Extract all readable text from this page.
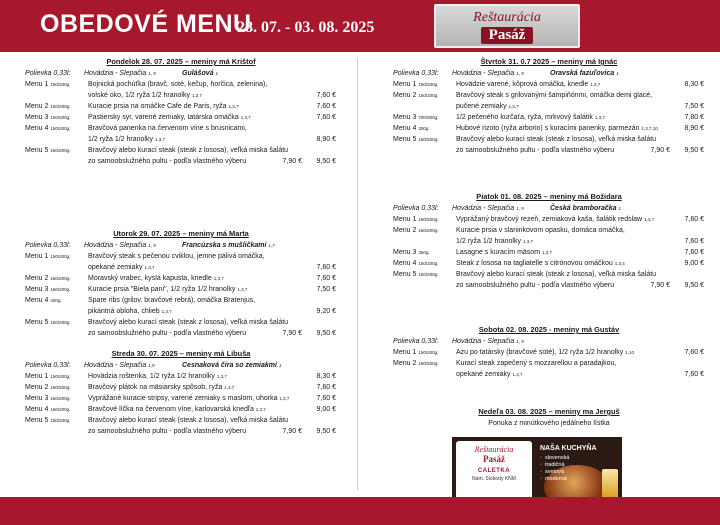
OBEDOVÉ MENU
28. 07. - 03. 08. 2025
Reštaurácia
Pasáž
Pondelok 28. 07. 2025 – meniny má Krištof
Polievka 0,33l: Hovädzia - Slepačia 1, 9	Gulášová 1
Menu 1 150/200g:	Bojnická pochúťka (bravč. soté, kečup, horčica, zelenina),
volské oko, 1/2 ryža 1/2 hranolky 1,3,7	7,60 €
Menu 2 150/200g:	Kuracie prsia na omáčke Cafe de Paris, ryža 1,3,7	7,60 €
Menu 3 150/200g:	Pastiersky syr, varené zemiaky, tatárska omáčka 1,3,7	7,60 €
Menu 4 150/200g:	Bravčová panenka na červenom víne s brusnicami,
1/2 ryža 1/2 hranolky 1,3,7	8,90 €
Menu 5 150/200g:	Bravčový alebo kurací steak (steak z lososa), veľká miska šalátu
zo samoobslužného pultu - podľa vlastného výberu	7,90 € 9,50 €
Utorok 29. 07. 2025 – meniny má Marta
Polievka 0,33l: Hovädzia - Slepačia 1, 9	Francúzska s mušličkami 1,7
Menu 1 150/200g:	Bravčový steak s pečenou cviklou, jemne pálivá omáčka,
opekané zemiaky 1,3,7	7,60 €
Menu 2 150/200g:	Moravský vrabec, kyslá kapusta, knedle 1,3,7	7,60 €
Menu 3 150/200g:	Kuracie prsia "Biela pani", 1/2 ryža 1/2 hranolky 1,3,7	7,50 €
Menu 4 400g:	Spare ribs (grilov. bravčové rebrá), omáčka Bratenjus,
pikantná obloha, chlieb 1,3,7	9,20 €
Menu 5 150/200g:	Bravčový alebo kurací steak (steak z lososa), veľká miska šalátu
zo samoobslužného pultu - podľa vlastného výberu	7,90 € 9,50 €
Streda 30. 07. 2025 – meniny má Libuša
Polievka 0,33l: Hovädzia - Slepačia 1,9	Cesnaková číra so zemiakmi 1
Menu 1 150/200g:	Hovädzia roštenka, 1/2 ryža 1/2 hranolky 1,3,7	8,30 €
Menu 2 150/200g:	Bravčový plátok na mäsiarsky spôsob, ryža 1,3,7	7,60 €
Menu 3 150/200g:	Vyprážané kuracie stripsy, varené zemiaky s maslom, uhorka 1,3,7	7,60 €
Menu 4 150/200g:	Bravčové líčka na červenom víne, karlovarská knedľa 1,3,7	9,00 €
Menu 5 150/200g:	Bravčový alebo kurací steak (steak z lososa), veľká miska šalátu
zo samoobslužného pultu - podľa vlastného výberu	7,90 € 9,50 €
Štvrtok 31. 0.7 2025 – meniny má Ignác
Polievka 0,33l: Hovädzia - Slepačia 1, 9	Oravská fazuľovica 1
Menu 1 150/200g:	Hovädzie varené, kôprová omáčka, knedle 1,3,7	8,30 €
Menu 2 150/200g:	Bravčový steak s grilovanými šampiňónmi, omáčka demi glacé,
pučené zemiaky 1,3,7	7,50 €
Menu 3 700/300g:	1/2 pečeného kurčaťa, ryža, mrkvový šalátik 1,3,7	7,80 €
Menu 4 300g:	Hubové rizoto (ryža arborio) s kuracími panenky, parmezán 1,3,7,10	8,90 €
Menu 5 150/200g:	Bravčový alebo kurací steak (steak z lososa), veľká miska šalátu
zo samoobslužného pultu - podľa vlastného výberu	7,90 € 9,50 €
Piatok 01. 08. 2025 – meniny má Božidara
Polievka 0,33l: Hovädzia - Slepačia 1, 9	Česká bramboračka 1
Menu 1 150/200g:	Vyprážaný bravčový rezeň, zemiaková kaša, šalátik redslaw 1,3,7	7,60 €
Menu 2 150/200g:	Kuracie prsia v slaninkovom opasku, domáca omáčka,
1/2 ryža 1/2 hranolky 1,3,7	7,60 €
Menu 3 350g:	Lasagne s kuracím mäsom 1,3,7	7,60 €
Menu 4 150/200g:	Steak z lososa na tagliatelle s citrónovou omáčkou 1,3,4	9,00 €
Menu 5 150/200g:	Bravčový alebo kurací steak (steak z lososa), veľká miska šalátu
zo samoobslužného pultu - podľa vlastného výberu	7,90 € 9,50 €
Sobota 02. 08. 2025 - meniny má Gustáv
Polievka 0,33l: Hovädzia - Slepačia 1, 9
Menu 1 150/200g:	Azu po tatársky (bravčové soté), 1/2 ryža 1/2 hranolky 1,10	7,60 €
Menu 2 150/200g:	Kurací steak zapečený s mozzarellou a paradajkou,
opekané zemiaky 1,3,7	7,60 €
Nedeľa 03. 08. 2025 – meniny ma Jerguš
Ponuka z minútkového jedálneho lístka
Reštaurácia
Pasáž
CALETKA
Nám. Slobody KNM
NAŠA KUCHYŇA
• slovenská
• tradičná
• svetová
• moderná
